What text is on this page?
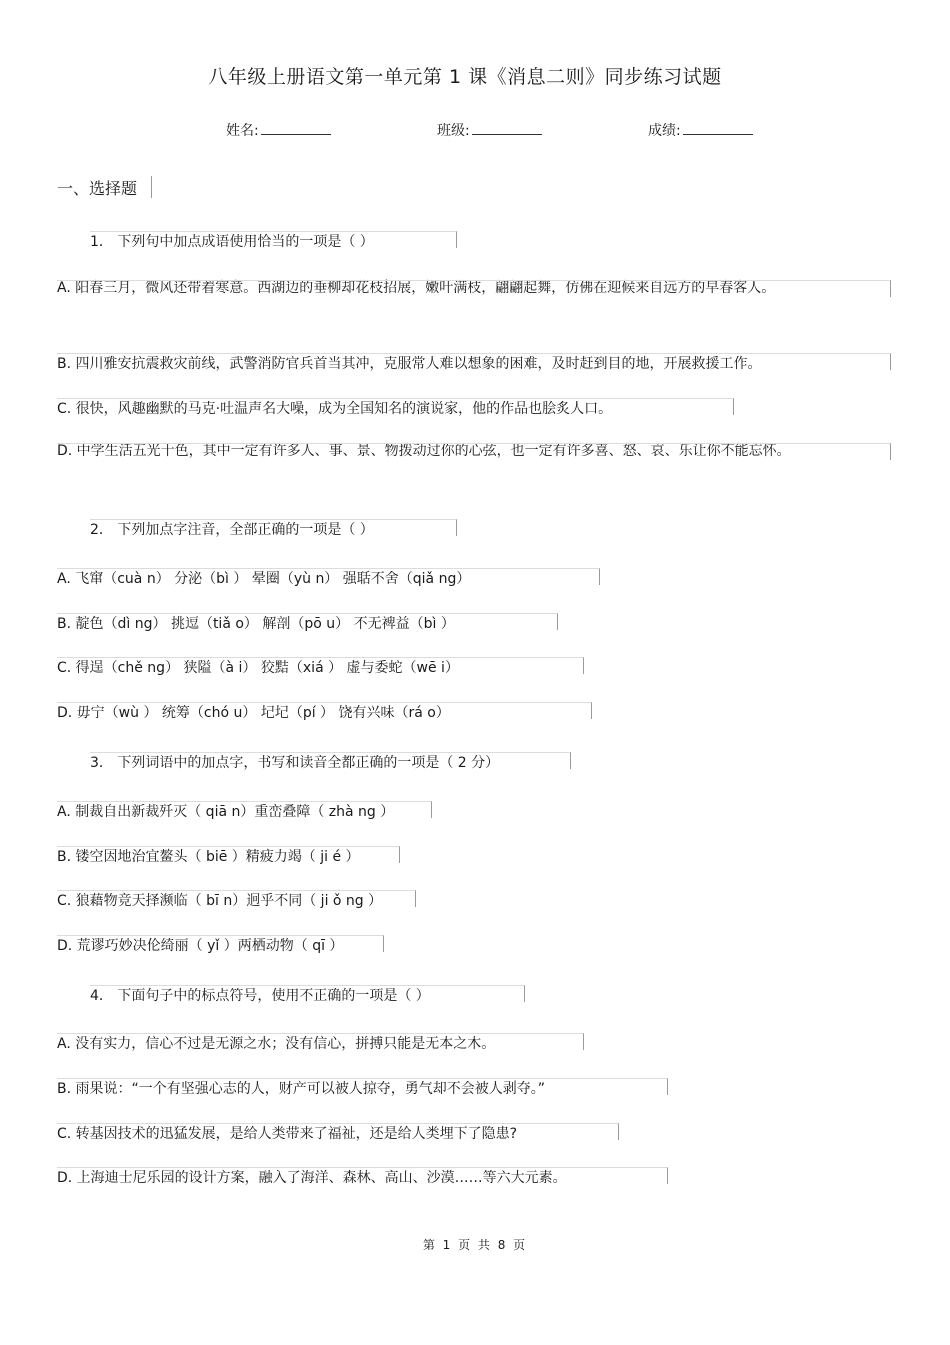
八年级上册语文第一单元第 1 课《消息二则》同步练习试题
姓名:	班级:	成绩:
一、选择题
1． 下列句中加点成语使用恰当的一项是（ ）
A. 阳春三月，微风还带着寒意。西湖边的垂柳却花枝招展，嫩叶满枝，翩翩起舞，仿佛在迎候来自远方的早春客人。
B. 四川雅安抗震救灾前线，武警消防官兵首当其冲，克服常人难以想象的困难，及时赶到目的地，开展救援工作。
C. 很快，风趣幽默的马克·吐温声名大噪，成为全国知名的演说家，他的作品也脍炙人口。
D. 中学生活五光十色，其中一定有许多人、事、景、物拨动过你的心弦，也一定有许多喜、怒、哀、乐让你不能忘怀。
2． 下列加点字注音，全部正确的一项是（ ）
A. 飞窜（cuà n） 分泌（bì ） 晕圈（yù n） 强聒不舍（qiǎ ng）
B. 靛色（dì ng） 挑逗（tiǎ o） 解剖（pō u） 不无裨益（bì ）
C. 得逞（chě ng） 狭隘（à i） 狡黠（xiá ） 虚与委蛇（wē i）
D. 毋宁（wù ） 统筹（chó u） 圮圮（pí ） 饶有兴味（rá o）
3． 下列词语中的加点字，书写和读音全都正确的一项是（ 2 分）
A. 制裁自出新裁歼灭（ qiā n）重峦叠障（ zhà ng ）
B. 镂空因地治宜鳌头（ biē ）精疲力竭（ ji é ）
C. 狼藉物竞天择濒临（ bī n）迥乎不同（ ji ǒ ng ）
D. 荒谬巧妙决伦绮丽（ yǐ ）两栖动物（ qī ）
4． 下面句子中的标点符号，使用不正确的一项是（ ）
A. 没有实力，信心不过是无源之水；没有信心，拼搏只能是无本之木。
B. 雨果说：“一个有坚强心志的人，财产可以被人掠夺，勇气却不会被人剥夺。”
C. 转基因技术的迅猛发展，是给人类带来了福祉，还是给人类埋下了隐患?
D. 上海迪士尼乐园的设计方案，融入了海洋、森林、高山、沙漠……等六大元素。
第 1 页 共 8 页
